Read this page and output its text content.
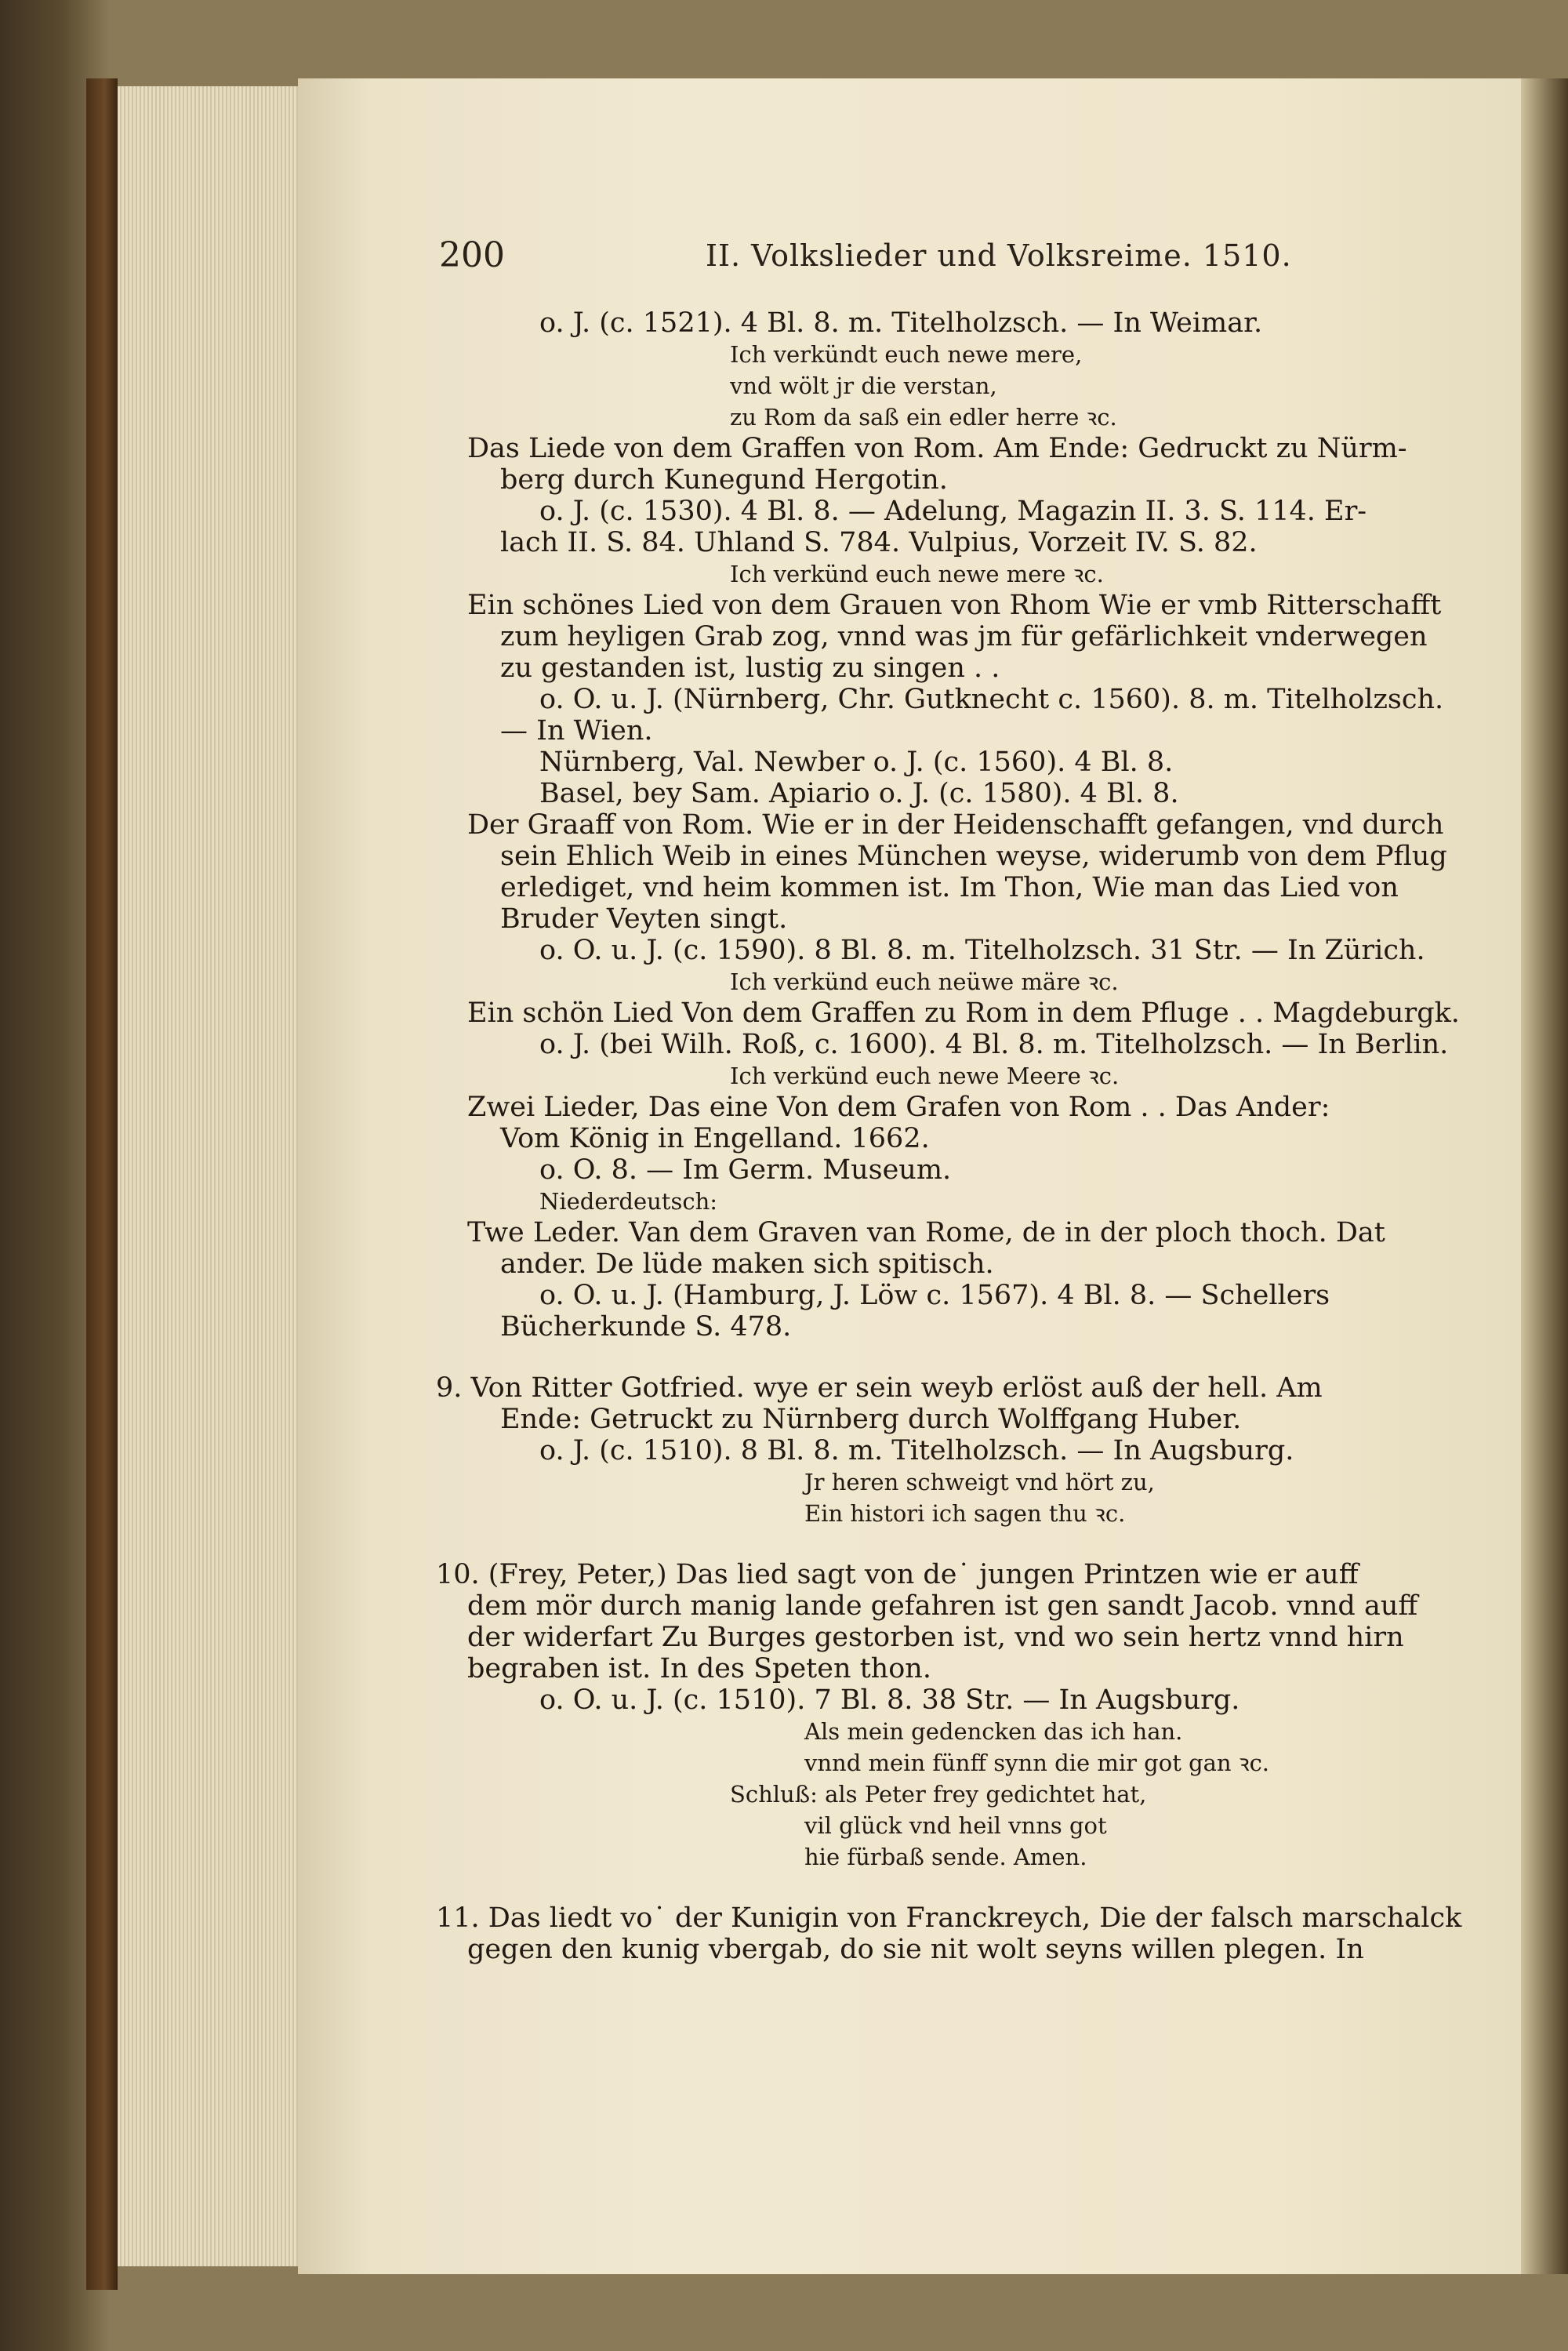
200	II. Volkslieder und Volksreime. 1510.
o. J. (c. 1521). 4 Bl. 8. m. Titelholzsch. — In Weimar.
Ich verkündt euch newe mere,
vnd wölt jr die verstan,
zu Rom da saß ein edler herre ꝛc.
Das Liede von dem Graffen von Rom. Am Ende: Gedruckt zu Nürm-
berg durch Kunegund Hergotin.
o. J. (c. 1530). 4 Bl. 8. — Adelung, Magazin II. 3. S. 114. Er-
lach II. S. 84. Uhland S. 784. Vulpius, Vorzeit IV. S. 82.
Ich verkünd euch newe mere ꝛc.
Ein schönes Lied von dem Grauen von Rhom Wie er vmb Ritterschafft
zum heyligen Grab zog, vnnd was jm für gefärlichkeit vnderwegen
zu gestanden ist, lustig zu singen . .
o. O. u. J. (Nürnberg, Chr. Gutknecht c. 1560). 8. m. Titelholzsch.
— In Wien.
Nürnberg, Val. Newber o. J. (c. 1560). 4 Bl. 8.
Basel, bey Sam. Apiario o. J. (c. 1580). 4 Bl. 8.
Der Graaff von Rom. Wie er in der Heidenschafft gefangen, vnd durch
sein Ehlich Weib in eines München weyse, widerumb von dem Pflug
erlediget, vnd heim kommen ist. Im Thon, Wie man das Lied von
Bruder Veyten singt.
o. O. u. J. (c. 1590). 8 Bl. 8. m. Titelholzsch. 31 Str. — In Zürich.
Ich verkünd euch neüwe märe ꝛc.
Ein schön Lied Von dem Graffen zu Rom in dem Pfluge . . Magdeburgk.
o. J. (bei Wilh. Roß, c. 1600). 4 Bl. 8. m. Titelholzsch. — In Berlin.
Ich verkünd euch newe Meere ꝛc.
Zwei Lieder, Das eine Von dem Grafen von Rom . . Das Ander:
Vom König in Engelland. 1662.
o. O. 8. — Im Germ. Museum.
Niederdeutsch:
Twe Leder. Van dem Graven van Rome, de in der ploch thoch. Dat
ander. De lüde maken sich spitisch.
o. O. u. J. (Hamburg, J. Löw c. 1567). 4 Bl. 8. — Schellers
Bücherkunde S. 478.
9. Von Ritter Gotfried. wye er sein weyb erlöst auß der hell. Am
Ende: Getruckt zu Nürnberg durch Wolffgang Huber.
o. J. (c. 1510). 8 Bl. 8. m. Titelholzsch. — In Augsburg.
Jr heren schweigt vnd hört zu,
Ein histori ich sagen thu ꝛc.
10. (Frey, Peter,) Das lied sagt von de˙ jungen Printzen wie er auff
dem mör durch manig lande gefahren ist gen sandt Jacob. vnnd auff
der widerfart Zu Burges gestorben ist, vnd wo sein hertz vnnd hirn
begraben ist. In des Speten thon.
o. O. u. J. (c. 1510). 7 Bl. 8. 38 Str. — In Augsburg.
Als mein gedencken das ich han.
vnnd mein fünff synn die mir got gan ꝛc.
Schluß: als Peter frey gedichtet hat,
vil glück vnd heil vnns got
hie fürbaß sende. Amen.
11. Das liedt vo˙ der Kunigin von Franckreych, Die der falsch marschalck
gegen den kunig vbergab, do sie nit wolt seyns willen plegen. In
